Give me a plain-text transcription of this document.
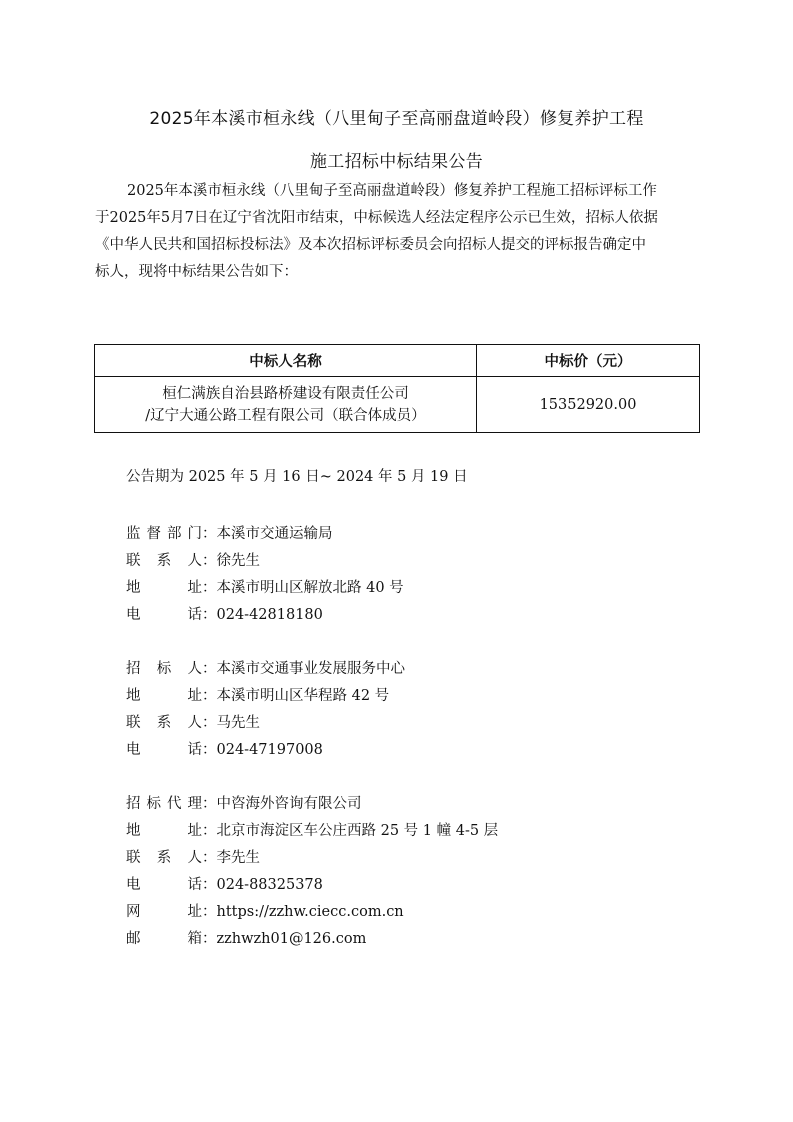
2025年本溪市桓永线（八里甸子至高丽盘道岭段）修复养护工程
施工招标中标结果公告
2025年本溪市桓永线（八里甸子至高丽盘道岭段）修复养护工程施工招标评标工作
于2025年5月7日在辽宁省沈阳市结束，中标候选人经法定程序公示已生效，招标人依据
《中华人民共和国招标投标法》及本次招标评标委员会向招标人提交的评标报告确定中
标人，现将中标结果公告如下：
中标人名称	中标价（元）

桓仁满族自治县路桥建设有限责任公司
/辽宁大通公路工程有限公司（联合体成员）	15352920.00
公告期为 2025 年 5 月 16 日~ 2024 年 5 月 19 日
监督部门：本溪市交通运输局
联 系 人：徐先生
地 址：本溪市明山区解放北路 40 号
电 话：024-42818180
招 标 人：本溪市交通事业发展服务中心
地 址：本溪市明山区华程路 42 号
联 系 人：马先生
电 话：024-47197008
招标代理：中咨海外咨询有限公司
地 址：北京市海淀区车公庄西路 25 号 1 幢 4-5 层
联 系 人：李先生
电 话：024-88325378
网 址：https://zzhw.ciecc.com.cn
邮 箱：zzhwzh01@126.com
